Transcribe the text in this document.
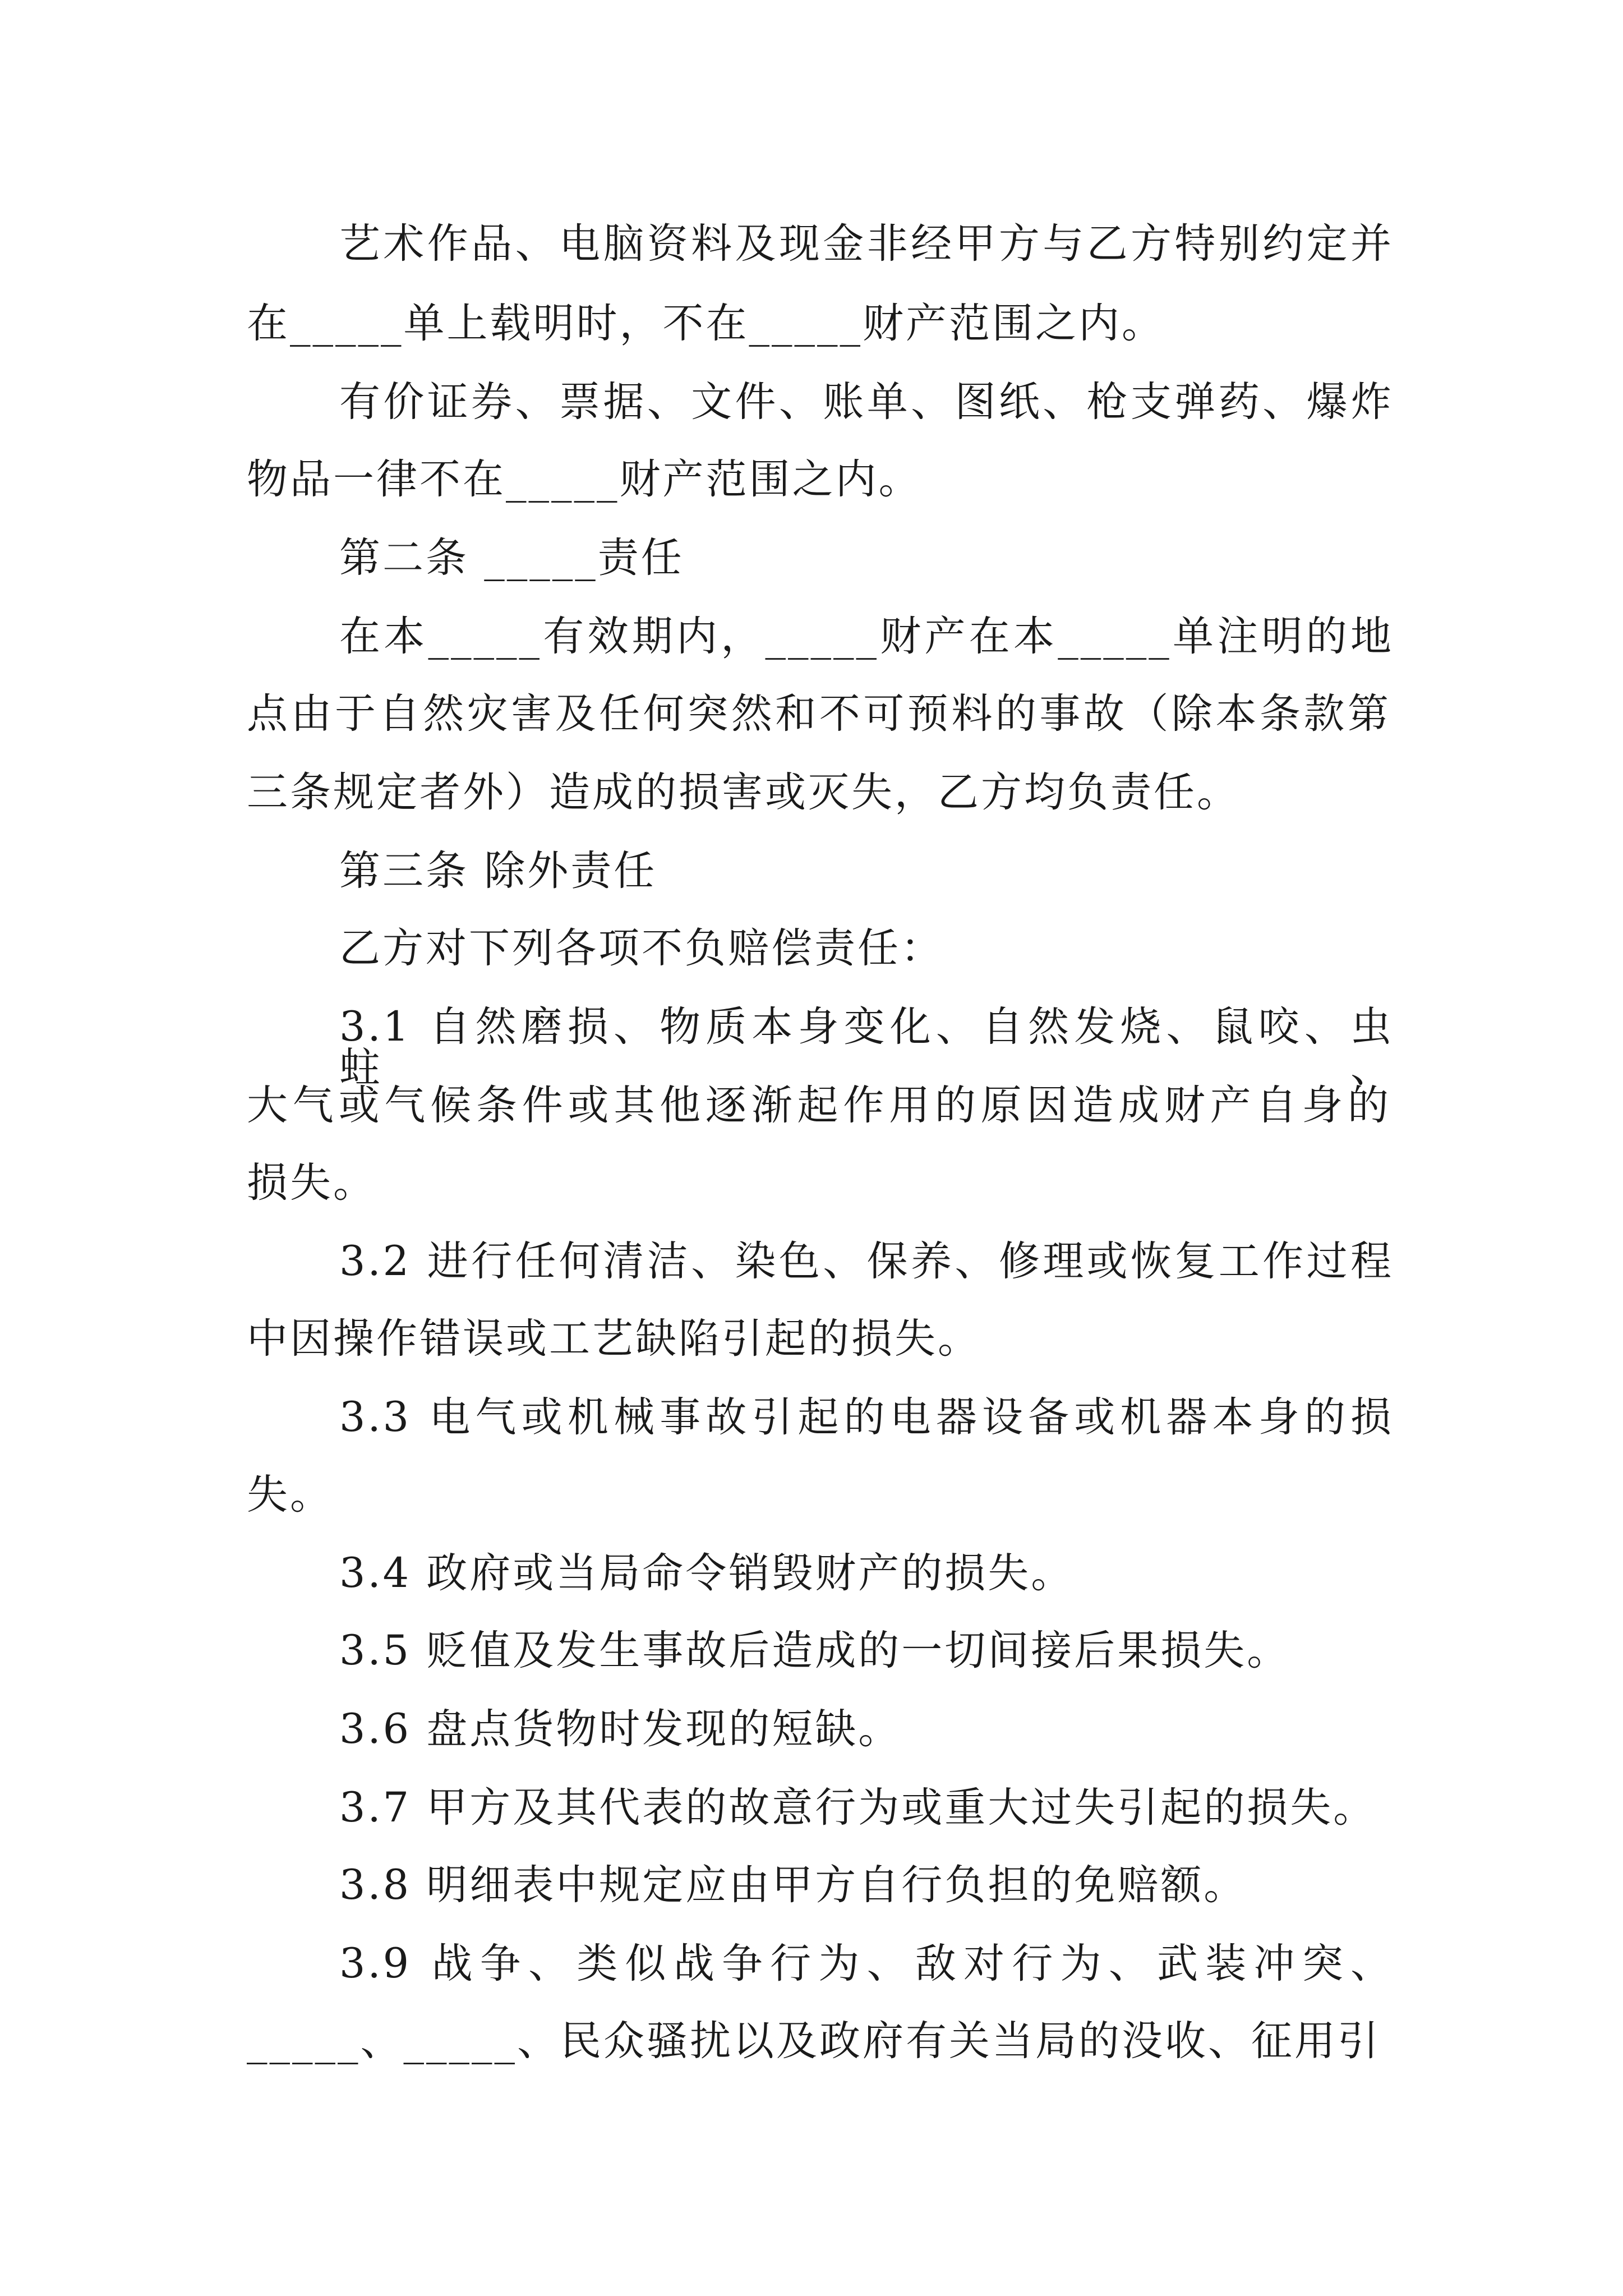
艺术作品、电脑资料及现金非经甲方与乙方特别约定并
在_____单上载明时，不在_____财产范围之内。
有价证券、票据、文件、账单、图纸、枪支弹药、爆炸
物品一律不在_____财产范围之内。
第二条 _____责任
在本_____有效期内，_____财产在本_____单注明的地
点由于自然灾害及任何突然和不可预料的事故（除本条款第
三条规定者外）造成的损害或灭失，乙方均负责任。
第三条 除外责任
乙方对下列各项不负赔偿责任：
3.1 自然磨损、物质本身变化、自然发烧、鼠咬、虫蛀、
大气或气候条件或其他逐渐起作用的原因造成财产自身的
损失。
3.2 进行任何清洁、染色、保养、修理或恢复工作过程
中因操作错误或工艺缺陷引起的损失。
3.3 电气或机械事故引起的电器设备或机器本身的损
失。
3.4 政府或当局命令销毁财产的损失。
3.5 贬值及发生事故后造成的一切间接后果损失。
3.6 盘点货物时发现的短缺。
3.7 甲方及其代表的故意行为或重大过失引起的损失。
3.8 明细表中规定应由甲方自行负担的免赔额。
3.9 战争、类似战争行为、敌对行为、武装冲突、
_____、_____、民众骚扰以及政府有关当局的没收、征用引
